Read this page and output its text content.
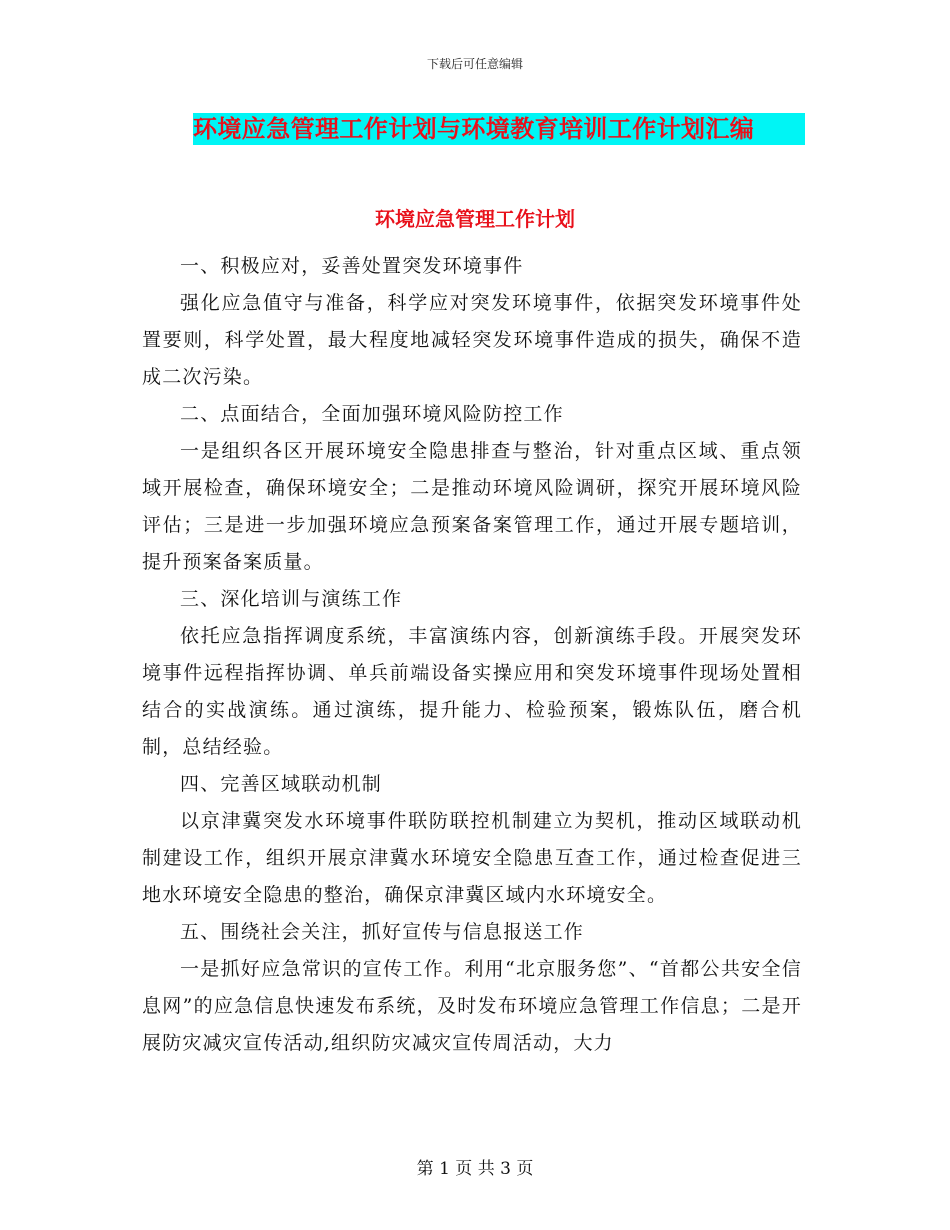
下载后可任意编辑
环境应急管理工作计划与环境教育培训工作计划汇编
环境应急管理工作计划

一、积极应对，妥善处置突发环境事件

强化应急值守与准备，科学应对突发环境事件，依据突发环境事件处置要则，科学处置，最大程度地减轻突发环境事件造成的损失，确保不造成二次污染。

二、点面结合，全面加强环境风险防控工作

一是组织各区开展环境安全隐患排查与整治，针对重点区域、重点领域开展检查，确保环境安全；二是推动环境风险调研，探究开展环境风险评估；三是进一步加强环境应急预案备案管理工作，通过开展专题培训，提升预案备案质量。

三、深化培训与演练工作

依托应急指挥调度系统，丰富演练内容，创新演练手段。开展突发环境事件远程指挥协调、单兵前端设备实操应用和突发环境事件现场处置相结合的实战演练。通过演练，提升能力、检验预案，锻炼队伍，磨合机制，总结经验。

四、完善区域联动机制

以京津冀突发水环境事件联防联控机制建立为契机，推动区域联动机制建设工作，组织开展京津冀水环境安全隐患互查工作，通过检查促进三地水环境安全隐患的整治，确保京津冀区域内水环境安全。

五、围绕社会关注，抓好宣传与信息报送工作

一是抓好应急常识的宣传工作。利用“北京服务您”、“首都公共安全信息网”的应急信息快速发布系统，及时发布环境应急管理工作信息；二是开展防灾减灾宣传活动,组织防灾减灾宣传周活动，大力

第 1 页 共 3 页
